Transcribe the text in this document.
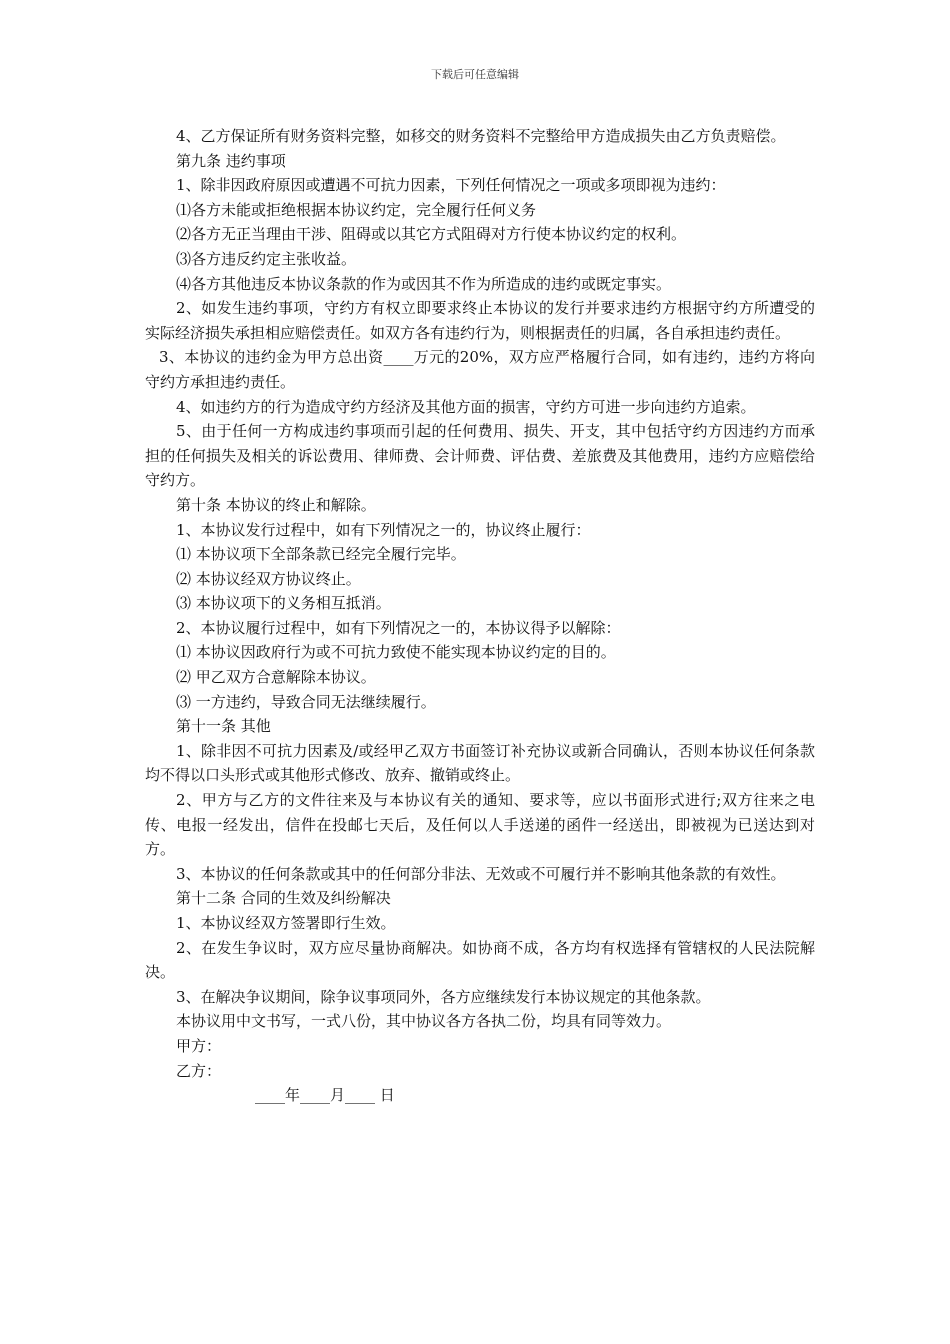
下载后可任意编辑

4、乙方保证所有财务资料完整，如移交的财务资料不完整给甲方造成损失由乙方负责赔偿。

第九条 违约事项

1、除非因政府原因或遭遇不可抗力因素，下列任何情况之一项或多项即视为违约：

⑴各方未能或拒绝根据本协议约定，完全履行任何义务

⑵各方无正当理由干涉、阻碍或以其它方式阻碍对方行使本协议约定的权利。

⑶各方违反约定主张收益。

⑷各方其他违反本协议条款的作为或因其不作为所造成的违约或既定事实。

2、如发生违约事项，守约方有权立即要求终止本协议的发行并要求违约方根据守约方所遭受的实际经济损失承担相应赔偿责任。如双方各有违约行为，则根据责任的归属，各自承担违约责任。

3、本协议的违约金为甲方总出资____万元的20%，双方应严格履行合同，如有违约，违约方将向守约方承担违约责任。

4、如违约方的行为造成守约方经济及其他方面的损害，守约方可进一步向违约方追索。

5、由于任何一方构成违约事项而引起的任何费用、损失、开支，其中包括守约方因违约方而承担的任何损失及相关的诉讼费用、律师费、会计师费、评估费、差旅费及其他费用，违约方应赔偿给守约方。

第十条 本协议的终止和解除。

1、本协议发行过程中，如有下列情况之一的，协议终止履行：

⑴ 本协议项下全部条款已经完全履行完毕。

⑵ 本协议经双方协议终止。

⑶ 本协议项下的义务相互抵消。

2、本协议履行过程中，如有下列情况之一的，本协议得予以解除：

⑴ 本协议因政府行为或不可抗力致使不能实现本协议约定的目的。

⑵ 甲乙双方合意解除本协议。

⑶ 一方违约，导致合同无法继续履行。

第十一条 其他

1、除非因不可抗力因素及/或经甲乙双方书面签订补充协议或新合同确认，否则本协议任何条款均不得以口头形式或其他形式修改、放弃、撤销或终止。

2、甲方与乙方的文件往来及与本协议有关的通知、要求等，应以书面形式进行;双方往来之电传、电报一经发出，信件在投邮七天后，及任何以人手送递的函件一经送出，即被视为已送达到对方。

3、本协议的任何条款或其中的任何部分非法、无效或不可履行并不影响其他条款的有效性。

第十二条 合同的生效及纠纷解决

1、本协议经双方签署即行生效。

2、在发生争议时，双方应尽量协商解决。如协商不成，各方均有权选择有管辖权的人民法院解决。

3、在解决争议期间，除争议事项同外，各方应继续发行本协议规定的其他条款。

本协议用中文书写，一式八份，其中协议各方各执二份，均具有同等效力。

甲方：

乙方：

____年____月____ 日
